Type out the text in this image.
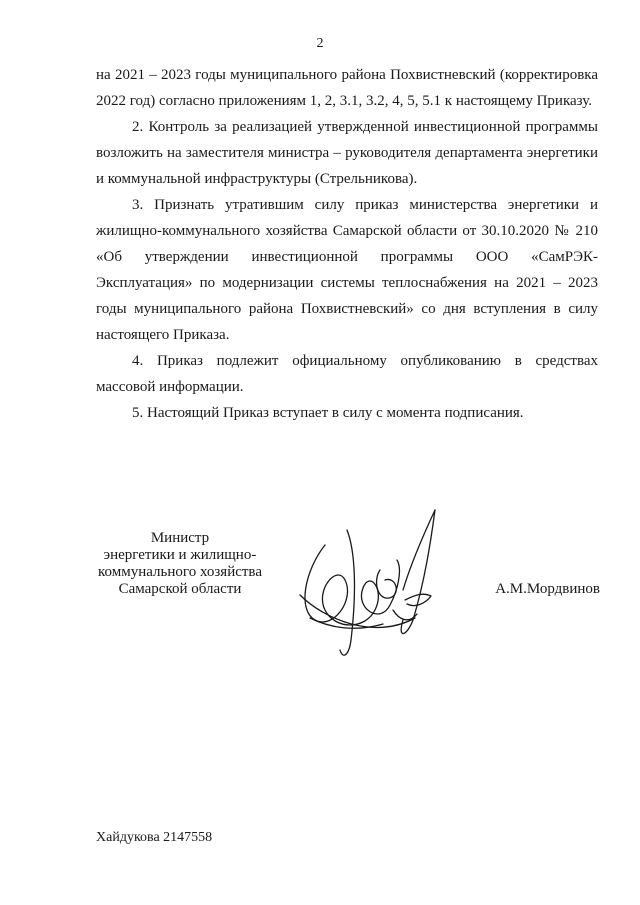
2

на 2021 – 2023 годы муниципального района Похвистневский (корректировка 2022 год) согласно приложениям 1, 2, 3.1, 3.2, 4, 5, 5.1 к настоящему Приказу.

2. Контроль за реализацией утвержденной инвестиционной программы возложить на заместителя министра – руководителя департамента энергетики и коммунальной инфраструктуры (Стрельникова).

3. Признать утратившим силу приказ министерства энергетики и жилищно-коммунального хозяйства Самарской области от 30.10.2020 № 210 «Об утверждении инвестиционной программы ООО «СамРЭК-Эксплуатация» по модернизации системы теплоснабжения на 2021 – 2023 годы муниципального района Похвистневский» со дня вступления в силу настоящего Приказа.

4. Приказ подлежит официальному опубликованию в средствах массовой информации.

5. Настоящий Приказ вступает в силу с момента подписания.

Министр
энергетики и жилищно-
коммунального хозяйства
Самарской области	А.М.Мордвинов
Хайдукова 2147558
